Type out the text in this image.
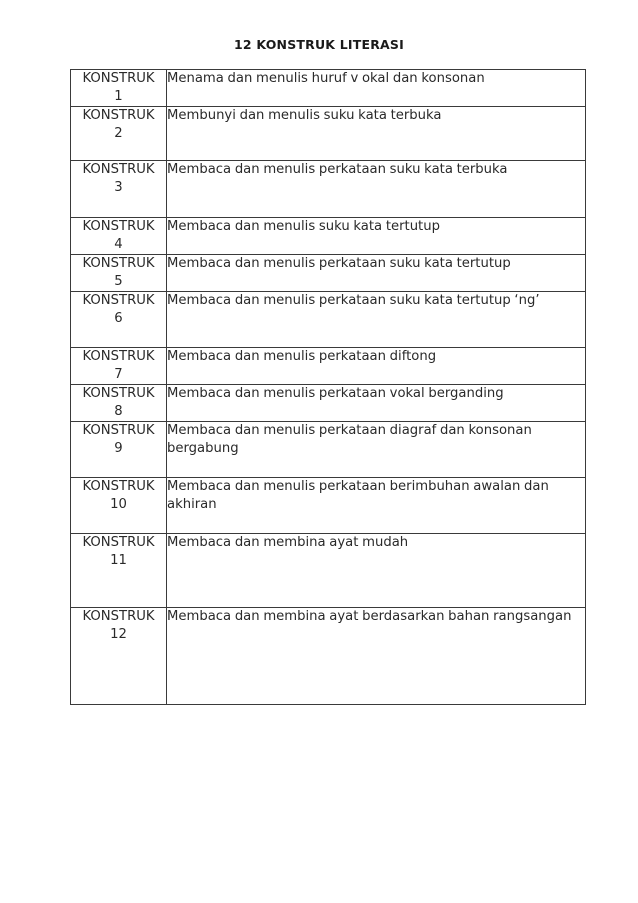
12 KONSTRUK LITERASI
KONSTRUK
1	Menama dan menulis huruf v okal dan konsonan

KONSTRUK
2	Membunyi dan menulis suku kata terbuka

KONSTRUK
3	Membaca dan menulis perkataan suku kata terbuka

KONSTRUK
4	Membaca dan menulis suku kata tertutup

KONSTRUK
5	Membaca dan menulis perkataan suku kata tertutup

KONSTRUK
6	Membaca dan menulis perkataan suku kata tertutup ‘ng’

KONSTRUK
7	Membaca dan menulis perkataan diftong

KONSTRUK
8	Membaca dan menulis perkataan vokal berganding

KONSTRUK
9	Membaca dan menulis perkataan diagraf dan konsonan bergabung

KONSTRUK
10	Membaca dan menulis perkataan berimbuhan awalan dan akhiran

KONSTRUK
11	Membaca dan membina ayat mudah

KONSTRUK
12	Membaca dan membina ayat berdasarkan bahan rangsangan
